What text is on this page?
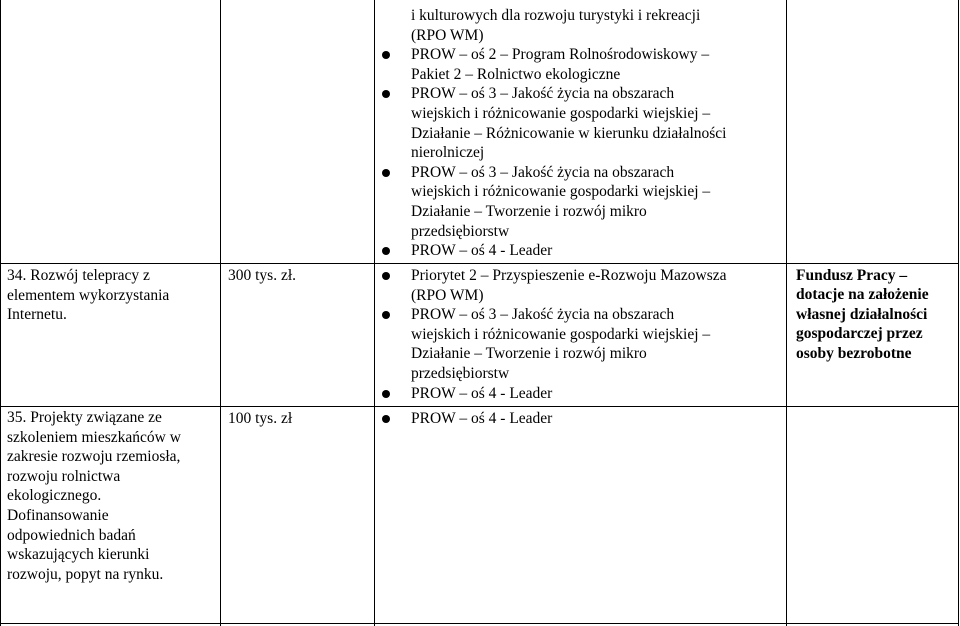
i kulturowych dla rozwoju turystyki i rekreacji
(RPO WM)
PROW – oś 2 – Program Rolnośrodowiskowy –
Pakiet 2 – Rolnictwo ekologiczne
PROW – oś 3 – Jakość życia na obszarach
wiejskich i różnicowanie gospodarki wiejskiej –
Działanie – Różnicowanie w kierunku działalności
nierolniczej
PROW – oś 3 – Jakość życia na obszarach
wiejskich i różnicowanie gospodarki wiejskiej –
Działanie – Tworzenie i rozwój mikro
przedsiębiorstw
PROW – oś 4 - Leader
34. Rozwój telepracy z
elementem wykorzystania
Internetu.
300 tys. zł.	Priorytet 2 – Przyspieszenie e-Rozwoju Mazowsza
(RPO WM)
PROW – oś 3 – Jakość życia na obszarach
wiejskich i różnicowanie gospodarki wiejskiej –
Działanie – Tworzenie i rozwój mikro
przedsiębiorstw
PROW – oś 4 - Leader
Fundusz Pracy –
dotacje na założenie
własnej działalności
gospodarczej przez
osoby bezrobotne
35. Projekty związane ze
szkoleniem mieszkańców w
zakresie rozwoju rzemiosła,
rozwoju rolnictwa
ekologicznego.
Dofinansowanie
odpowiednich badań
wskazujących kierunki
rozwoju, popyt na rynku.
100 tys. zł	PROW – oś 4 - Leader
